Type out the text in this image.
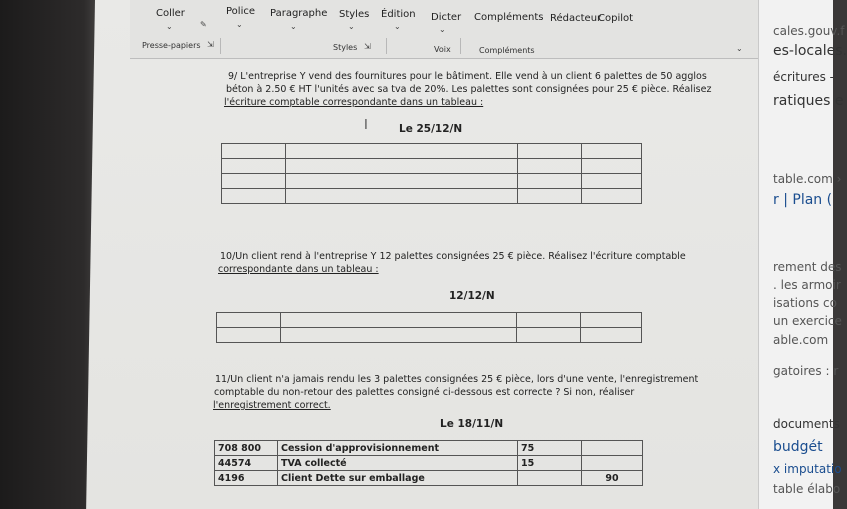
Coller	Police Paragraphe Styles Édition Dicter Compléments Rédacteur
Copilot
⌄	✎	⌄	⌄	⌄	⌄	⌄
Presse-papiers ⇲	Styles ⇲	Voix	Compléments	⌄
cales.gouv.f
es-locales.
écritures -
ratiques e
table.com ›
r | Plan (
rement des
. les armoir
isations co
un exercice
able.com
gatoires : r
documents
budgét
x imputatio
table élabo
9/ L'entreprise Y vend des fournitures pour le bâtiment. Elle vend à un client 6 palettes de 50 agglos
béton à 2.50 € HT l'unités avec sa tva de 20%. Les palettes sont consignées pour 25 € pièce. Réalisez
l'écriture comptable correspondante dans un tableau :
I	Le 25/12/N

10/Un client rend à l'entreprise Y 12 palettes consignées 25 € pièce. Réalisez l'écriture comptable
correspondante dans un tableau :
12/12/N

11/Un client n'a jamais rendu les 3 palettes consignées 25 € pièce, lors d'une vente, l'enregistrement
comptable du non-retour des palettes consigné ci-dessous est correcte ? Si non, réaliser
l'enregistrement correct.
Le 18/11/N
708 800	Cession d'approvisionnement	75	
44574	TVA collecté	15	
4196	Client Dette sur emballage		90
